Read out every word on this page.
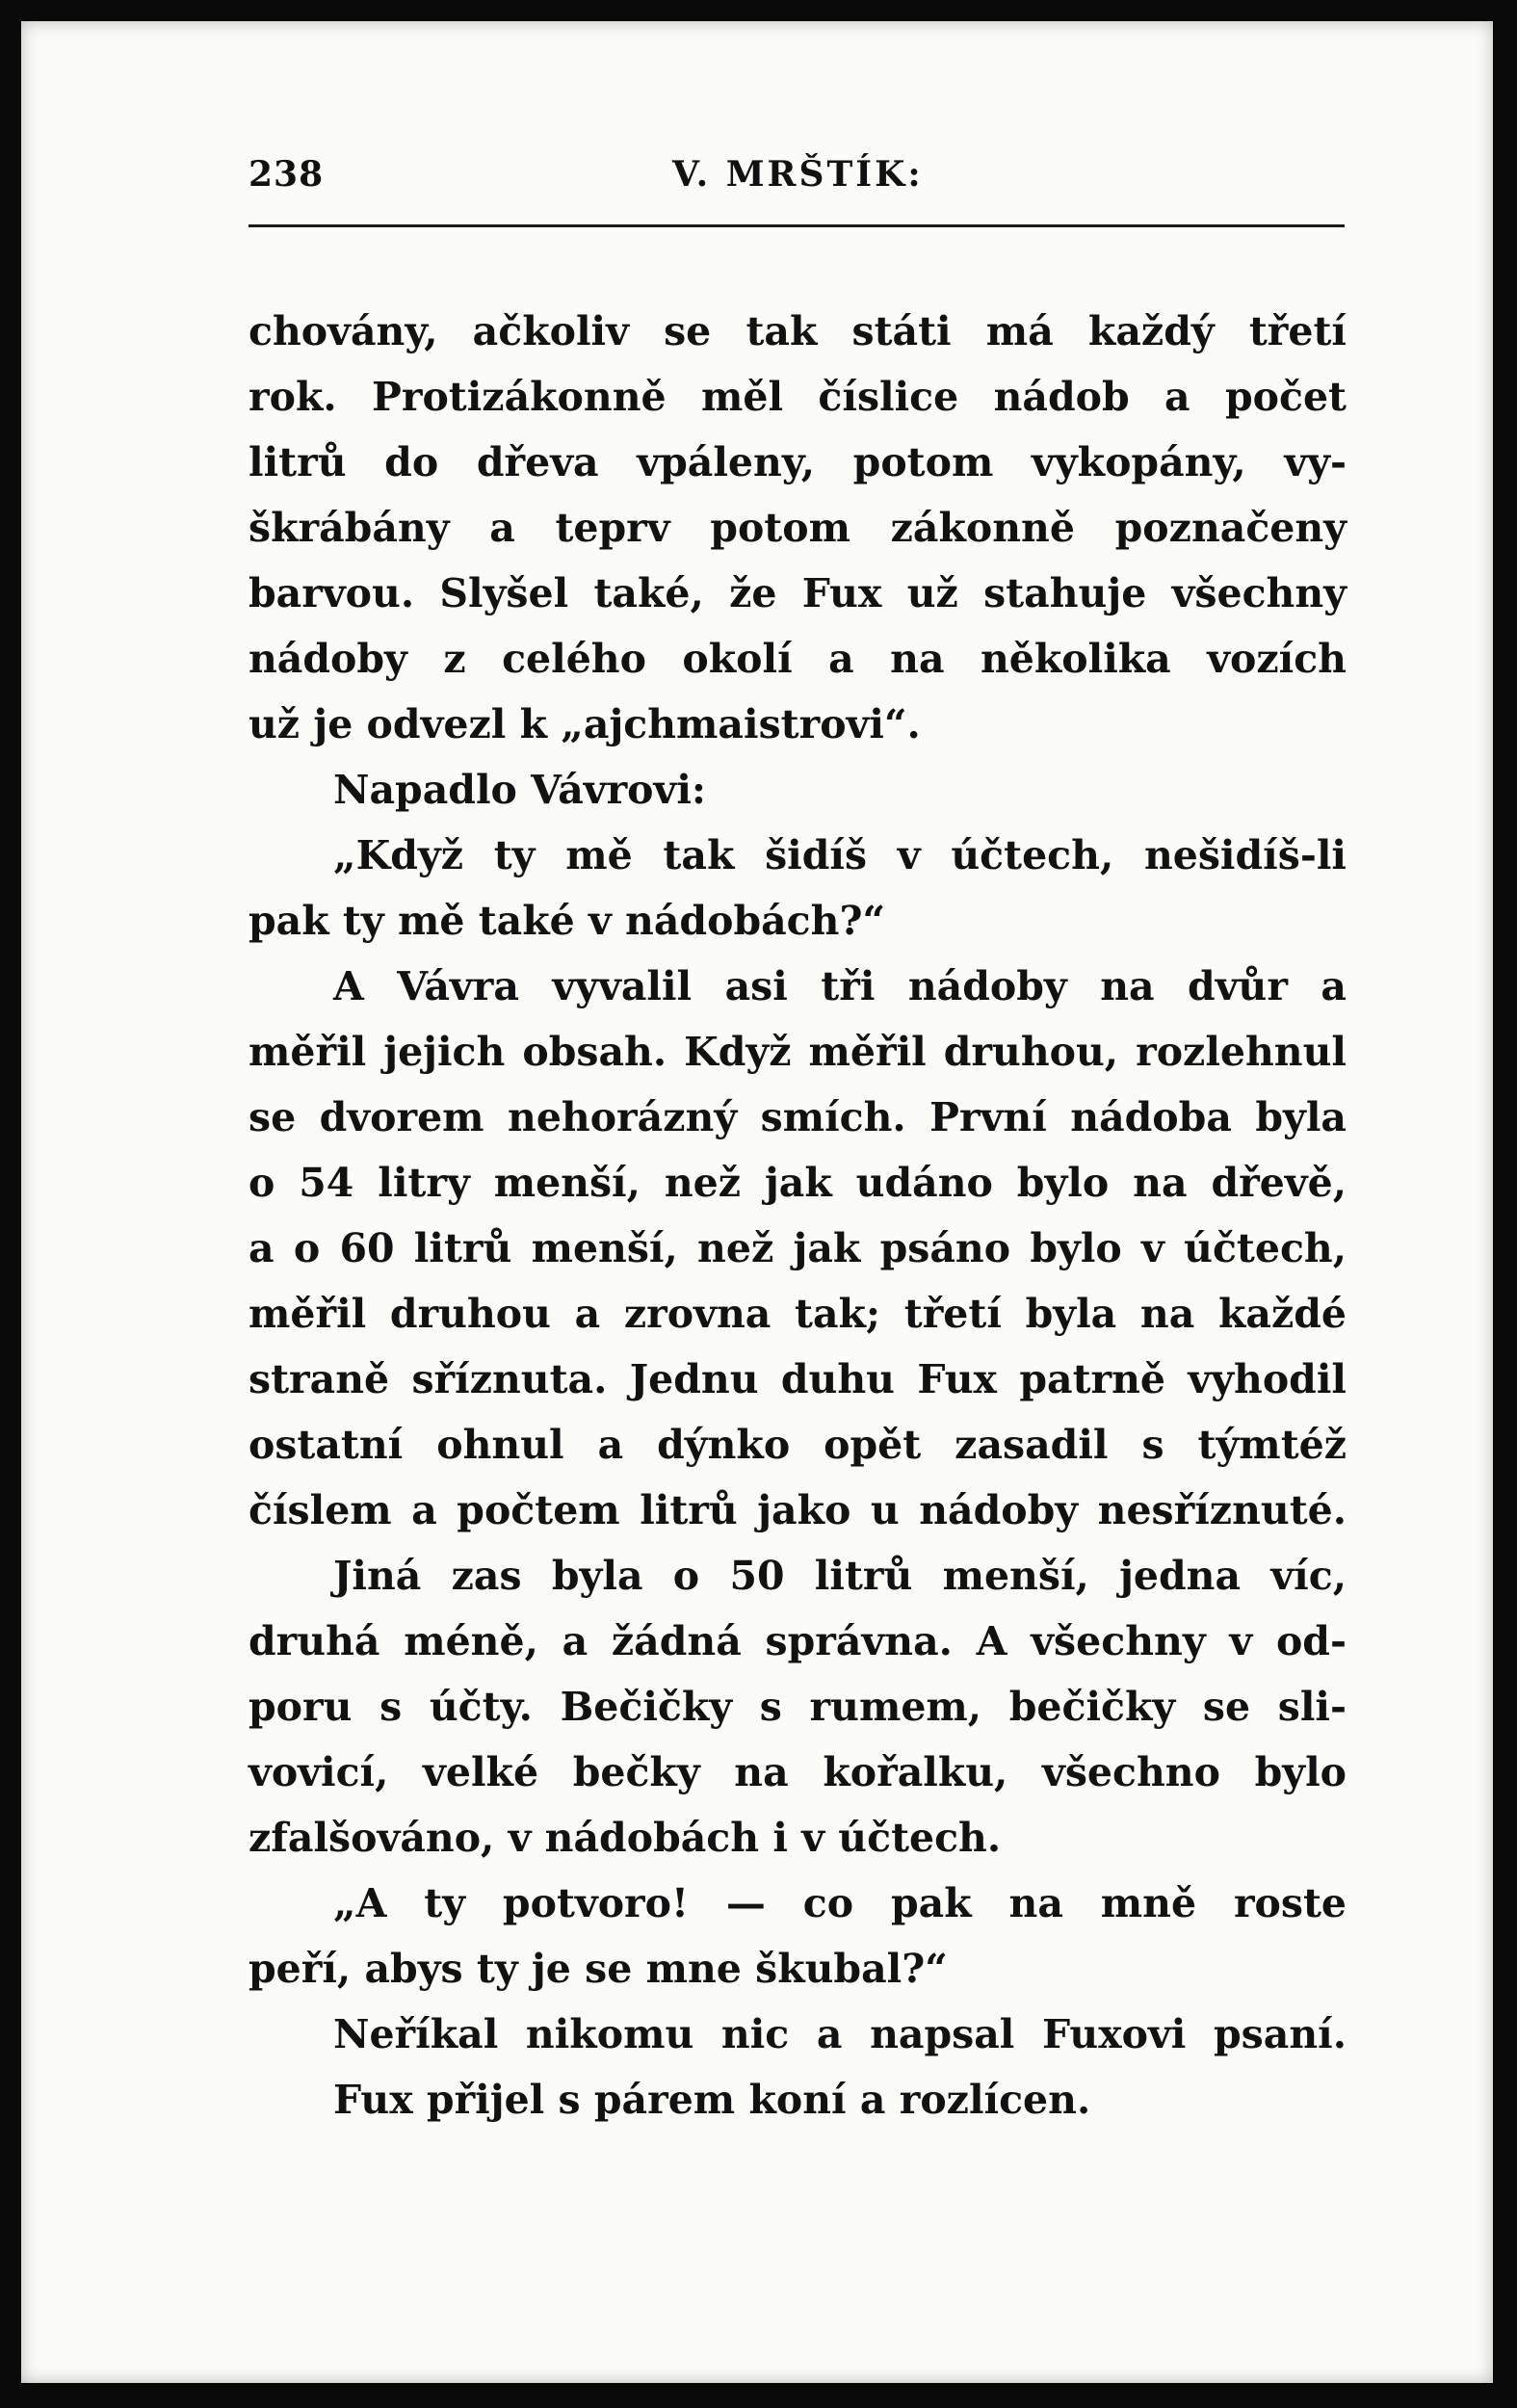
238	V. MRŠTÍK:
chovány, ačkoliv se tak státi má každý třetí
rok. Protizákonně měl číslice nádob a počet
litrů do dřeva vpáleny, potom vykopány, vy-
škrábány a teprv potom zákonně poznačeny
barvou. Slyšel také, že Fux už stahuje všechny
nádoby z celého okolí a na několika vozích
už je odvezl k „ajchmaistrovi“.
Napadlo Vávrovi:
„Když ty mě tak šidíš v účtech, nešidíš-li
pak ty mě také v nádobách?“
A Vávra vyvalil asi tři nádoby na dvůr a
měřil jejich obsah. Když měřil druhou, rozlehnul
se dvorem nehorázný smích. První nádoba byla
o 54 litry menší, než jak udáno bylo na dřevě,
a o 60 litrů menší, než jak psáno bylo v účtech,
měřil druhou a zrovna tak; třetí byla na každé
straně sříznuta. Jednu duhu Fux patrně vyhodil
ostatní ohnul a dýnko opět zasadil s týmtéž
číslem a počtem litrů jako u nádoby nesříznuté.
Jiná zas byla o 50 litrů menší, jedna víc,
druhá méně, a žádná správna. A všechny v od-
poru s účty. Bečičky s rumem, bečičky se sli-
vovicí, velké bečky na kořalku, všechno bylo
zfalšováno, v nádobách i v účtech.
„A ty potvoro! — co pak na mně roste
peří, abys ty je se mne škubal?“
Neříkal nikomu nic a napsal Fuxovi psaní.
Fux přijel s párem koní a rozlícen.
